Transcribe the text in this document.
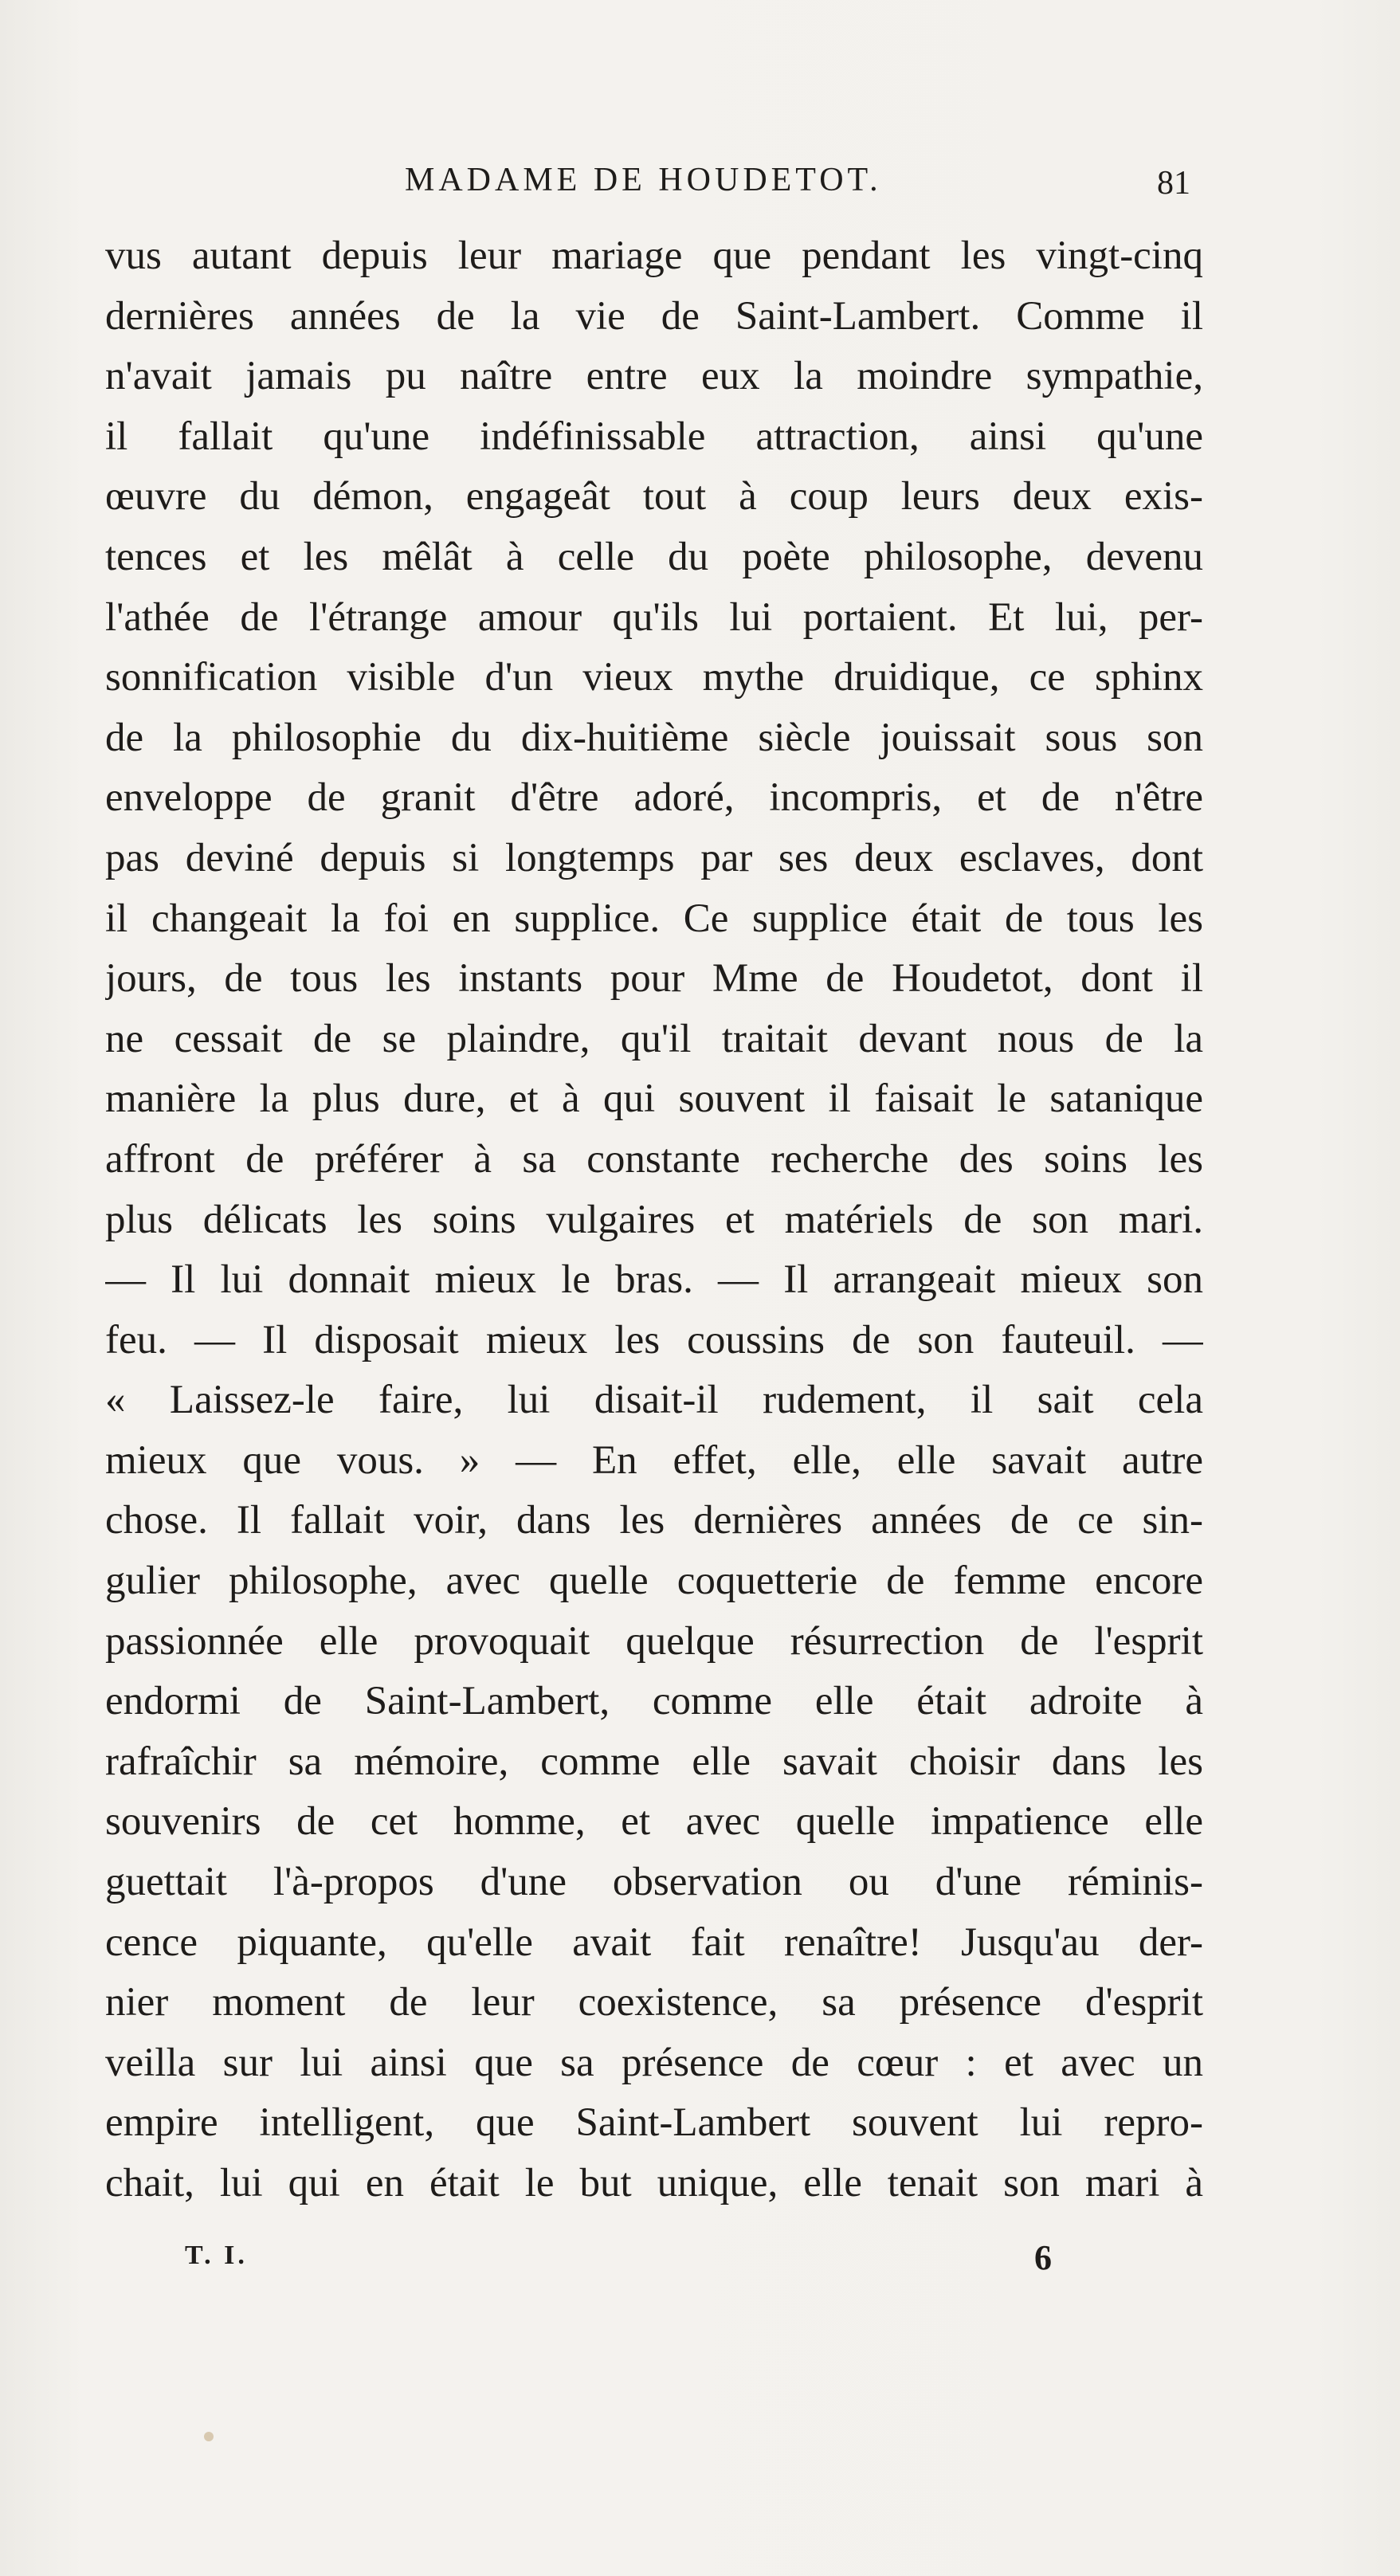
MADAME DE HOUDETOT.	81
vus autant depuis leur mariage que pendant les vingt-cinq
dernières années de la vie de Saint-Lambert. Comme il
n'avait jamais pu naître entre eux la moindre sympathie,
il fallait qu'une indéfinissable attraction, ainsi qu'une
œuvre du démon, engageât tout à coup leurs deux exis-
tences et les mêlât à celle du poète philosophe, devenu
l'athée de l'étrange amour qu'ils lui portaient. Et lui, per-
sonnification visible d'un vieux mythe druidique, ce sphinx
de la philosophie du dix-huitième siècle jouissait sous son
enveloppe de granit d'être adoré, incompris, et de n'être
pas deviné depuis si longtemps par ses deux esclaves, dont
il changeait la foi en supplice. Ce supplice était de tous les
jours, de tous les instants pour Mme de Houdetot, dont il
ne cessait de se plaindre, qu'il traitait devant nous de la
manière la plus dure, et à qui souvent il faisait le satanique
affront de préférer à sa constante recherche des soins les
plus délicats les soins vulgaires et matériels de son mari.
— Il lui donnait mieux le bras. — Il arrangeait mieux son
feu. — Il disposait mieux les coussins de son fauteuil. —
« Laissez-le faire, lui disait-il rudement, il sait cela
mieux que vous. » — En effet, elle, elle savait autre
chose. Il fallait voir, dans les dernières années de ce sin-
gulier philosophe, avec quelle coquetterie de femme encore
passionnée elle provoquait quelque résurrection de l'esprit
endormi de Saint-Lambert, comme elle était adroite à
rafraîchir sa mémoire, comme elle savait choisir dans les
souvenirs de cet homme, et avec quelle impatience elle
guettait l'à-propos d'une observation ou d'une réminis-
cence piquante, qu'elle avait fait renaître! Jusqu'au der-
nier moment de leur coexistence, sa présence d'esprit
veilla sur lui ainsi que sa présence de cœur : et avec un
empire intelligent, que Saint-Lambert souvent lui repro-
chait, lui qui en était le but unique, elle tenait son mari à
T. I.	6
